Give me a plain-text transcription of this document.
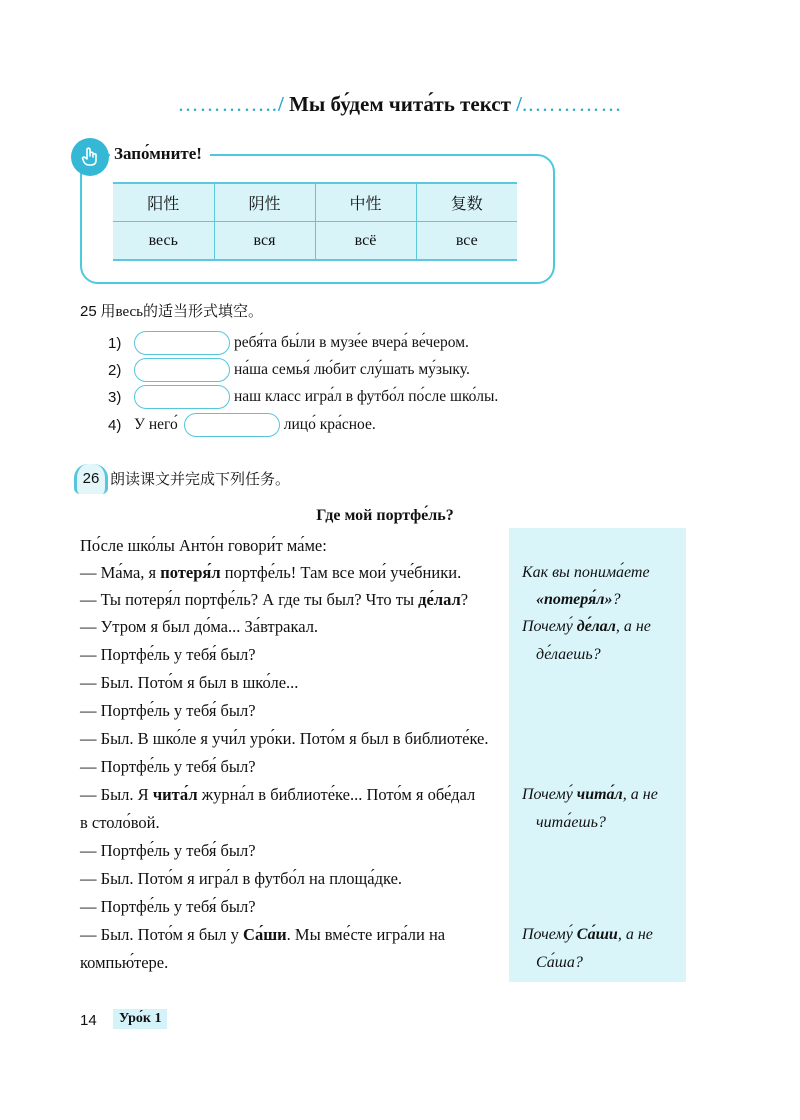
…………../ Мы бу́дем чита́ть текст /..…………
Запо́мните!
阳性	阴性	中性	复数
весь	вся	всё	все
25 用весь的适当形式填空。
1)	ребя́та бы́ли в музе́е вчера́ ве́чером.
2)	на́ша семья́ лю́бит слу́шать му́зыку.
3)	наш класс игра́л в футбо́л по́сле шко́лы.
4) У него́	лицо́ кра́сное.
26 朗读课文并完成下列任务。
Где мой портфе́ль?
По́сле шко́лы Анто́н говори́т ма́ме:
— Ма́ма, я потеря́л портфе́ль! Там все мои́ уче́бники.
— Ты потеря́л портфе́ль? А где ты был? Что ты де́лал?
— Утром я был до́ма... За́втракал.
— Портфе́ль у тебя́ был?
— Был. Пото́м я был в шко́ле...
— Портфе́ль у тебя́ был?
— Был. В шко́ле я учи́л уро́ки. Пото́м я был в библиоте́ке.
— Портфе́ль у тебя́ был?
— Был. Я чита́л журна́л в библиоте́ке... Пото́м я обе́дал
в столо́вой.
— Портфе́ль у тебя́ был?
— Был. Пото́м я игра́л в футбо́л на площа́дке.
— Портфе́ль у тебя́ был?
— Был. Пото́м я был у Са́ши. Мы вме́сте игра́ли на
компью́тере.
Как вы понима́ете
«потеря́л»?
Почему́ де́лал, а не
де́лаешь?
Почему́ чита́л, а не
чита́ешь?
Почему́ Са́ши, а не
Са́ша?
14	Уро́к 1
